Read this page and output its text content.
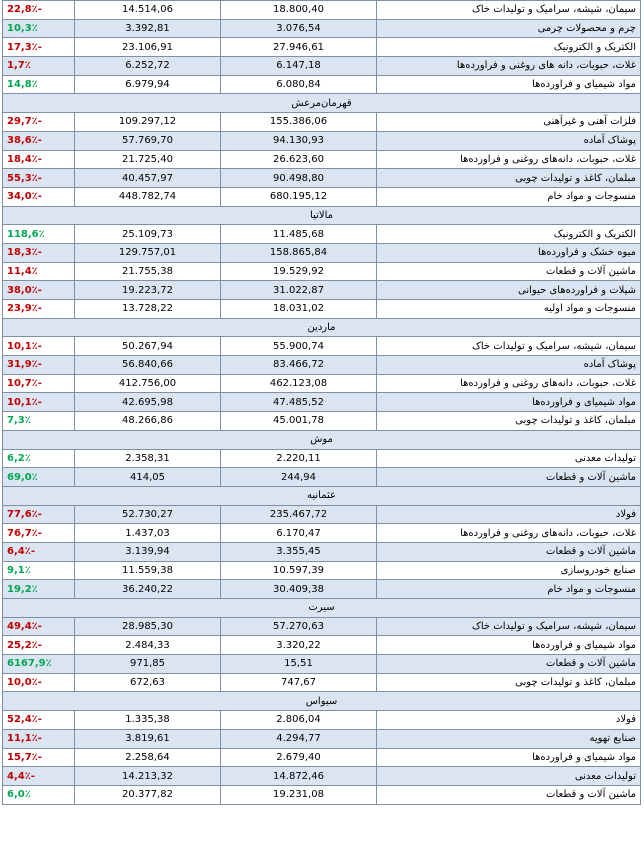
22,8٪-	14.514,06	18.800,40	سیمان، شیشه، سرامیک و تولیدات خاک
10,3٪	3.392,81	3.076,54	چرم و محصولات چرمی
17,3٪-	23.106,91	27.946,61	الکتریک و الکترونیک
1,7٪	6.252,72	6.147,18	غلات، حبوبات، دانه های روغنی و فراورده‌ها
14,8٪	6.979,94	6.080,84	مواد شیمیای و فراورده‌ها
قهرمان‌مرعش			
29,7٪-	109.297,12	155.386,06	فلزات آهنی و غیرآهنی
38,6٪-	57.769,70	94.130,93	پوشاک آماده
18,4٪-	21.725,40	26.623,60	غلات، حبوبات، دانه‌های روغنی و فراورده‌ها
55,3٪-	40.457,97	90.498,80	مبلمان، کاغذ و تولیدات چوبی
34,0٪-	448.782,74	680.195,12	منسوجات و مواد خام
مالاتیا			
118,6٪	25.109,73	11.485,68	الکتریک و الکترونیک
18,3٪-	129.757,01	158.865,84	میوه خشک و فراورده‌ها
11,4٪	21.755,38	19.529,92	ماشین آلات و قطعات
38,0٪-	19.223,72	31.022,87	شیلات و فراورده‌های حیوانی
23,9٪-	13.728,22	18.031,02	منسوجات و مواد اولیه
ماردین			
10,1٪-	50.267,94	55.900,74	سیمان، شیشه، سرامیک و تولیدات خاک
31,9٪-	56.840,66	83.466,72	پوشاک آماده
10,7٪-	412.756,00	462.123,08	غلات، حبوبات، دانه‌های روغنی و فراورده‌ها
10,1٪-	42.695,98	47.485,52	مواد شیمیای و فراورده‌ها
7,3٪	48.266,86	45.001,78	مبلمان، کاغذ و تولیدات چوبی
موش			
6,2٪	2.358,31	2.220,11	تولیدات معدنی
69,0٪	414,05	244,94	ماشین آلات و قطعات
عثمانیه			
77,6٪-	52.730,27	235.467,72	فولاد
76,7٪-	1.437,03	6.170,47	غلات، حبوبات، دانه‌های روغنی و فراورده‌ها
6,4٪-	3.139,94	3.355,45	ماشین آلات و قطعات
9,1٪	11.559,38	10.597,39	صنایع خودروسازی
19,2٪	36.240,22	30.409,38	منسوجات و مواد خام
سیرت			
49,4٪-	28.985,30	57.270,63	سیمان، شیشه، سرامیک و تولیدات خاک
25,2٪-	2.484,33	3.320,22	مواد شیمیای و فراورده‌ها
6167,9٪	971,85	15,51	ماشین آلات و قطعات
10,0٪-	672,63	747,67	مبلمان، کاغذ و تولیدات چوبی
سیواس			
52,4٪-	1.335,38	2.806,04	فولاد
11,1٪-	3.819,61	4.294,77	صنایع تهویه
15,7٪-	2.258,64	2.679,40	مواد شیمیای و فراورده‌ها
4,4٪-	14.213,32	14.872,46	تولیدات معدنی
6,0٪	20.377,82	19.231,08	ماشین آلات و قطعات
